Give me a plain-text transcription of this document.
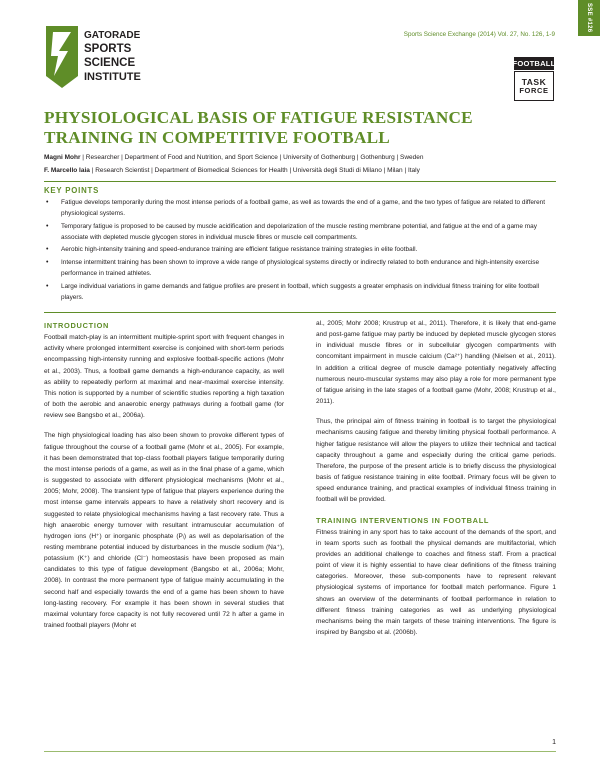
SSE #126
GATORADE
SPORTS
SCIENCE
INSTITUTE
Sports Science Exchange (2014) Vol. 27, No. 126, 1-9
FOOTBALL
TASK
FORCE
PHYSIOLOGICAL BASIS OF FATIGUE RESISTANCE TRAINING IN COMPETITIVE FOOTBALL
Magni Mohr | Researcher | Department of Food and Nutrition, and Sport Science | University of Gothenburg | Gothenburg | Sweden
F. Marcello Iaia | Research Scientist | Department of Biomedical Sciences for Health | Università degli Studi di Milano | Milan | Italy
KEY POINTS
• Fatigue develops temporarily during the most intense periods of a football game, as well as towards the end of a game, and the two types of fatigue are related to different physiological systems.
• Temporary fatigue is proposed to be caused by muscle acidification and depolarization of the muscle resting membrane potential, and fatigue at the end of a game may associate with depleted muscle glycogen stores in individual muscle fibres or muscle cell compartments.
• Aerobic high-intensity training and speed-endurance training are efficient fatigue resistance training strategies in elite football.
• Intense intermittent training has been shown to improve a wide range of physiological systems directly or indirectly related to both endurance and high-intensity exercise performance in trained athletes.
• Large individual variations in game demands and fatigue profiles are present in football, which suggests a greater emphasis on individual fitness training for elite football players.
INTRODUCTION

Football match-play is an intermittent multiple-sprint sport with frequent changes in activity where prolonged intermittent exercise is conjoined with short-term periods encompassing high-intensity running and explosive football-specific actions (Mohr et al., 2003). Thus, a football game demands a high-endurance capacity, as well as ability to repeatedly perform at maximal and near-maximal exercise intensity. This notion is supported by a number of scientific studies reporting a high taxation of both the aerobic and anaerobic energy pathways during a football game (for review see Bangsbo et al., 2006a).

The high physiological loading has also been shown to provoke different types of fatigue throughout the course of a football game (Mohr et al., 2005). For example, it has been demonstrated that top-class football players fatigue temporarily during the most intense periods of a game, as well as in the final phase of a game, which is suggested to associate with different physiological mechanisms (Mohr et al., 2005; Mohr, 2008). The transient type of fatigue that players experience during the most intense game intervals appears to have a relatively short recovery and is suggested to relate physiological mechanisms having a fast recovery rate. Thus a high anaerobic energy turnover with resultant intramuscular accumulation of hydrogen ions (H⁺) or inorganic phosphate (Pᵢ) as well as depolarisation of the resting membrane potential induced by disturbances in the muscle sodium (Na⁺), potassium (K⁺) and chloride (Cl⁻) homeostasis have been proposed as main candidates to this type of fatigue development (Bangsbo et al., 2006a; Mohr, 2008). In contrast the more permanent type of fatigue mainly accumulating in the second half and especially towards the end of a game has been shown to have long-lasting recovery. For example it has been shown in several studies that maximal voluntary force capacity is not fully recovered until 72 h after a game in trained football players (Mohr et

al., 2005; Mohr 2008; Krustrup et al., 2011). Therefore, it is likely that end-game and post-game fatigue may partly be induced by depleted muscle glycogen stores in individual muscle fibres or in subcellular glycogen compartments with concomitant impairment in muscle calcium (Ca²⁺) handling (Nielsen et al., 2011). In addition a critical degree of muscle damage potentially negatively affecting numerous neuro-muscular systems may also play a role for more permanent type of fatigue arising in the late stages of a football game (Mohr, 2008; Krustrup et al., 2011).

Thus, the principal aim of fitness training in football is to target the physiological mechanisms causing fatigue and thereby limiting physical football performance. A higher fatigue resistance will allow the players to utilize their technical and tactical capacity throughout a game and especially during the critical game periods. Therefore, the purpose of the present article is to briefly discuss the physiological basis of fatigue resistance training in elite football. Primary focus will be given to speed endurance training, and practical examples of individual fitness training in football will be provided.

TRAINING INTERVENTIONS IN FOOTBALL

Fitness training in any sport has to take account of the demands of the sport, and in team sports such as football the physical demands are multifactorial, which provides an additional challenge to coaches and fitness staff. From a practical point of view it is highly essential to have clear definitions of the fitness training categories. Moreover, these sub-components have to represent relevant physiological systems of importance for football match performance. Figure 1 shows an overview of the determinants of football performance in relation to different fitness training categories as well as underlying physiological mechanisms being the main targets of these training interventions. The figure is inspired by Bangsbo et al. (2006b).

1
